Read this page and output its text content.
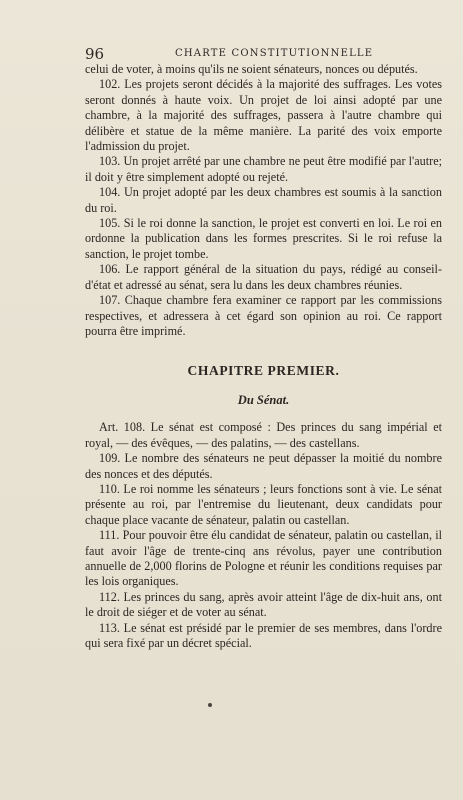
96	CHARTE CONSTITUTIONNELLE

celui de voter, à moins qu'ils ne soient sénateurs, nonces ou députés.

102. Les projets seront décidés à la majorité des suffrages. Les votes seront donnés à haute voix. Un projet de loi ainsi adopté par une chambre, à la majorité des suffrages, passera à l'autre chambre qui délibère et statue de la même manière. La parité des voix emporte l'admission du projet.

103. Un projet arrêté par une chambre ne peut être modifié par l'autre; il doit y être simplement adopté ou rejeté.

104. Un projet adopté par les deux chambres est soumis à la sanction du roi.

105. Si le roi donne la sanction, le projet est converti en loi. Le roi en ordonne la publication dans les formes prescrites. Si le roi refuse la sanction, le projet tombe.

106. Le rapport général de la situation du pays, rédigé au conseil-d'état et adressé au sénat, sera lu dans les deux chambres réunies.

107. Chaque chambre fera examiner ce rapport par les commissions respectives, et adressera à cet égard son opinion au roi. Ce rapport pourra être imprimé.

CHAPITRE PREMIER.
Du Sénat.

Art. 108. Le sénat est composé : Des princes du sang impérial et royal, — des évêques, — des palatins, — des castellans.

109. Le nombre des sénateurs ne peut dépasser la moitié du nombre des nonces et des députés.

110. Le roi nomme les sénateurs ; leurs fonctions sont à vie. Le sénat présente au roi, par l'entremise du lieutenant, deux candidats pour chaque place vacante de sénateur, palatin ou castellan.

111. Pour pouvoir être élu candidat de sénateur, palatin ou castellan, il faut avoir l'âge de trente-cinq ans révolus, payer une contribution annuelle de 2,000 florins de Pologne et réunir les conditions requises par les lois organiques.

112. Les princes du sang, après avoir atteint l'âge de dix-huit ans, ont le droit de siéger et de voter au sénat.

113. Le sénat est présidé par le premier de ses membres, dans l'ordre qui sera fixé par un décret spécial.
